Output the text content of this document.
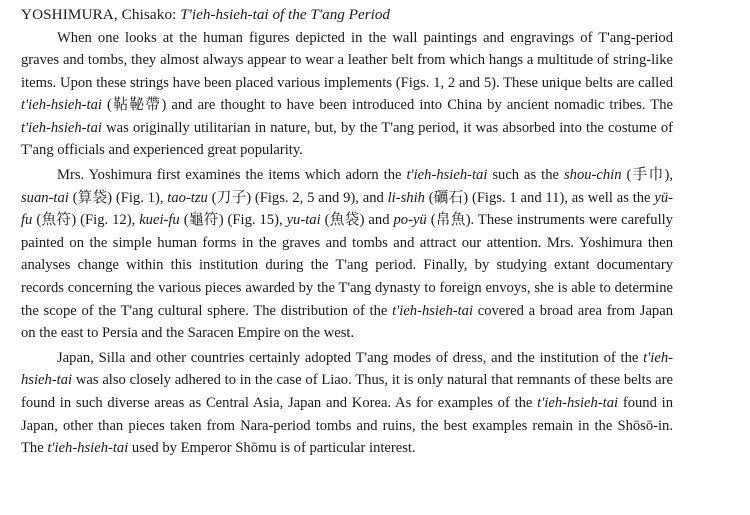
YOSHIMURA, Chisako: T'ieh-hsieh-tai of the T'ang Period

When one looks at the human figures depicted in the wall paintings and engravings of T'ang-period graves and tombs, they almost always appear to wear a leather belt from which hangs a multitude of string-like items. Upon these strings have been placed various implements (Figs. 1, 2 and 5). These unique belts are called t'ieh-hsieh-tai (䩞䩛帶) and are thought to have been introduced into China by ancient nomadic tribes. The t'ieh-hsieh-tai was originally utilitarian in nature, but, by the T'ang period, it was absorbed into the costume of T'ang officials and experienced great popularity.

Mrs. Yoshimura first examines the items which adorn the t'ieh-hsieh-tai such as the shou-chin (手巾), suan-tai (算袋) (Fig. 1), tao-tzu (刀子) (Figs. 2, 5 and 9), and li-shih (礪石) (Figs. 1 and 11), as well as the yü-fu (魚符) (Fig. 12), kuei-fu (龜符) (Fig. 15), yu-tai (魚袋) and po-yü (帛魚). These instruments were carefully painted on the simple human forms in the graves and tombs and attract our attention. Mrs. Yoshimura then analyses change within this institution during the T'ang period. Finally, by studying extant documentary records concerning the various pieces awarded by the T'ang dynasty to foreign envoys, she is able to determine the scope of the T'ang cultural sphere. The distribution of the t'ieh-hsieh-tai covered a broad area from Japan on the east to Persia and the Saracen Empire on the west.

Japan, Silla and other countries certainly adopted T'ang modes of dress, and the institution of the t'ieh-hsieh-tai was also closely adhered to in the case of Liao. Thus, it is only natural that remnants of these belts are found in such diverse areas as Central Asia, Japan and Korea. As for examples of the t'ieh-hsieh-tai found in Japan, other than pieces taken from Nara-period tombs and ruins, the best examples remain in the Shōsō-in. The t'ieh-hsieh-tai used by Emperor Shōmu is of particular interest.
